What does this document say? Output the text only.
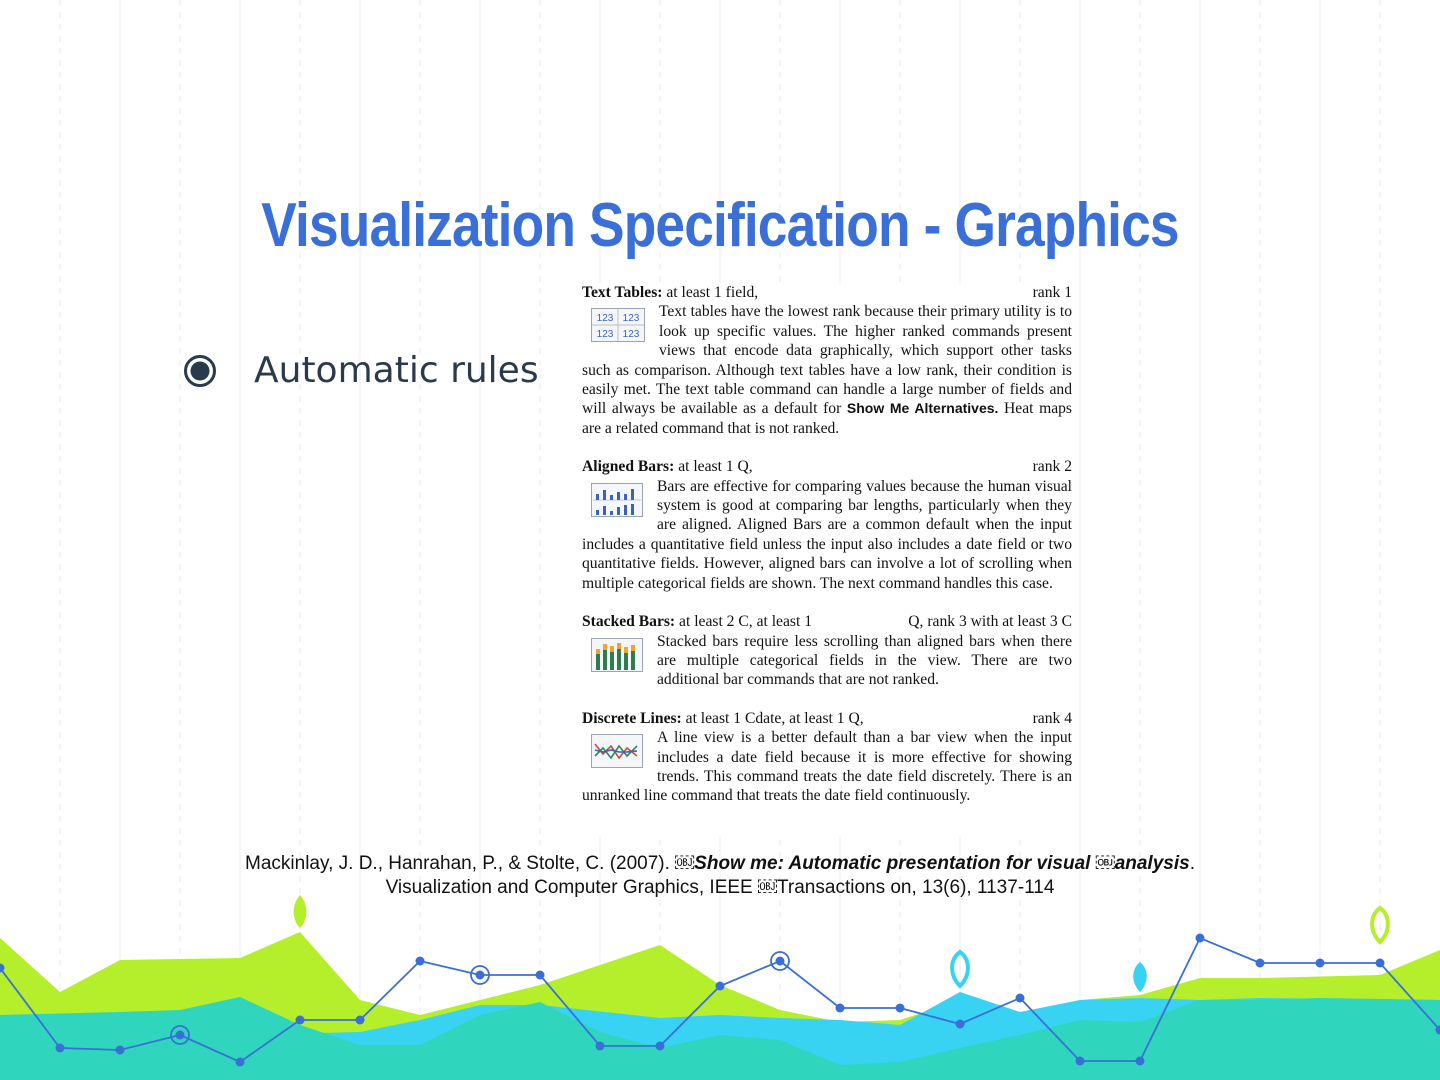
Visualization Specification - Graphics
Automatic rules
Text Tables: at least 1 field,	rank 1
123 123
123 123
Text tables have the lowest rank because their primary utility is to look up specific values. The higher ranked commands present views that encode data graphically, which support other tasks such as comparison. Although text tables have a low rank, their condition is easily met. The text table command can handle a large number of fields and will always be available as a default for Show Me Alternatives. Heat maps are a related command that is not ranked.
Aligned Bars: at least 1 Q,	rank 2
Bars are effective for comparing values because the human visual system is good at comparing bar lengths, particularly when they are aligned. Aligned Bars are a common default when the input includes a quantitative field unless the input also includes a date field or two quantitative fields. However, aligned bars can involve a lot of scrolling when multiple categorical fields are shown. The next command handles this case.
Stacked Bars: at least 2 C, at least 1	Q, rank 3 with at least 3 C
Stacked bars require less scrolling than aligned bars when there are multiple categorical fields in the view. There are two additional bar commands that are not ranked.
Discrete Lines: at least 1 Cdate, at least 1 Q,	rank 4
A line view is a better default than a bar view when the input includes a date field because it is more effective for showing trends. This command treats the date field discretely. There is an unranked line command that treats the date field continuously.
Mackinlay, J. D., Hanrahan, P., & Stolte, C. (2007). ￼Show me: Automatic presentation for visual ￼analysis.
Visualization and Computer Graphics, IEEE ￼Transactions on, 13(6), 1137-114
